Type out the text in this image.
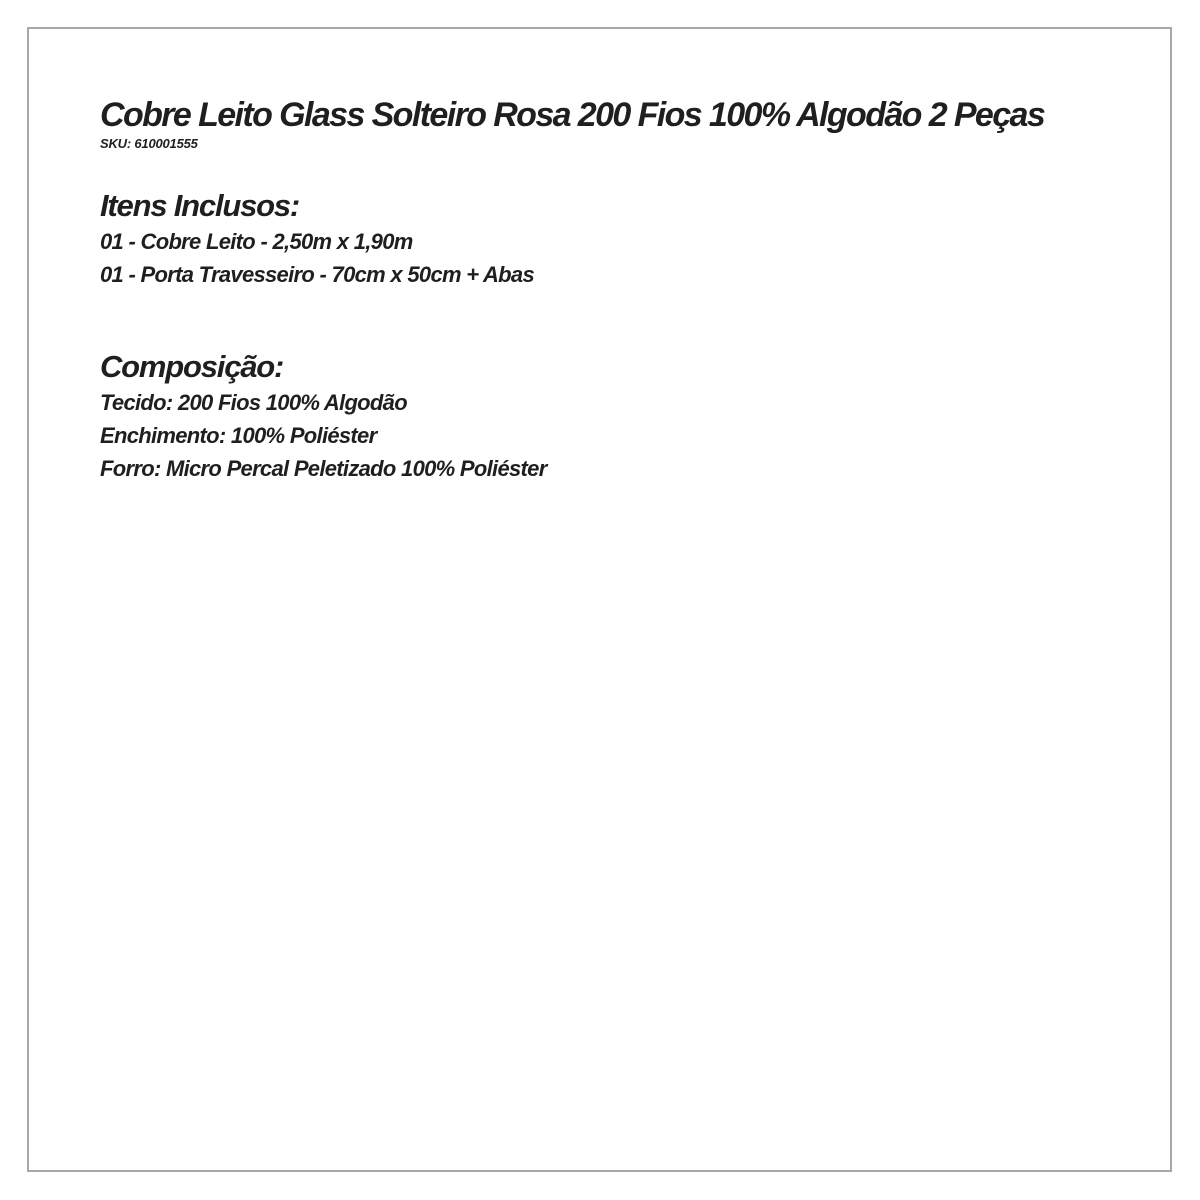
Cobre Leito Glass Solteiro Rosa 200 Fios 100% Algodão 2 Peças

SKU: 610001555

Itens Inclusos:

01 - Cobre Leito - 2,50m x 1,90m

01 - Porta Travesseiro - 70cm x 50cm + Abas

Composição:

Tecido: 200 Fios 100% Algodão

Enchimento: 100% Poliéster

Forro: Micro Percal Peletizado 100% Poliéster
